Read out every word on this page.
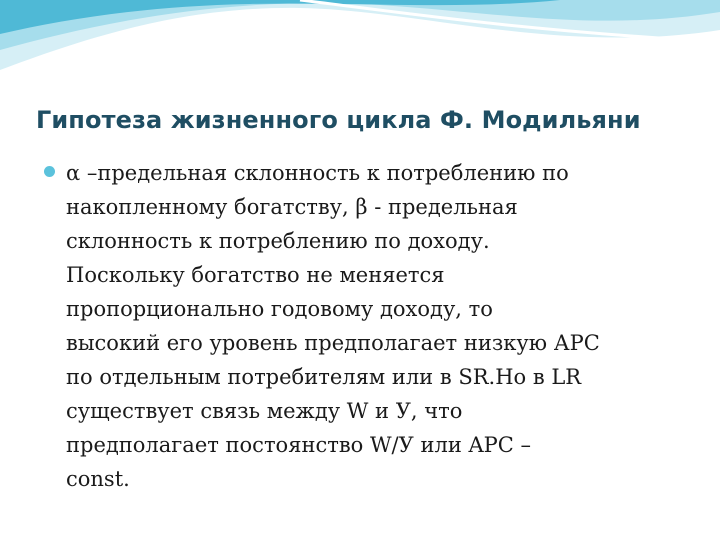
Гипотеза жизненного цикла Ф. Модильяни
α –предельная склонность к потреблению по
накопленному богатству, β - предельная
склонность к потреблению по доходу.
Поскольку богатство не меняется
пропорционально годовому доходу, то
высокий его уровень предполагает низкую АРС
по отдельным потребителям или в SR.Но в LR
существует связь между W и У, что
предполагает постоянство W/У или APC –
const.
